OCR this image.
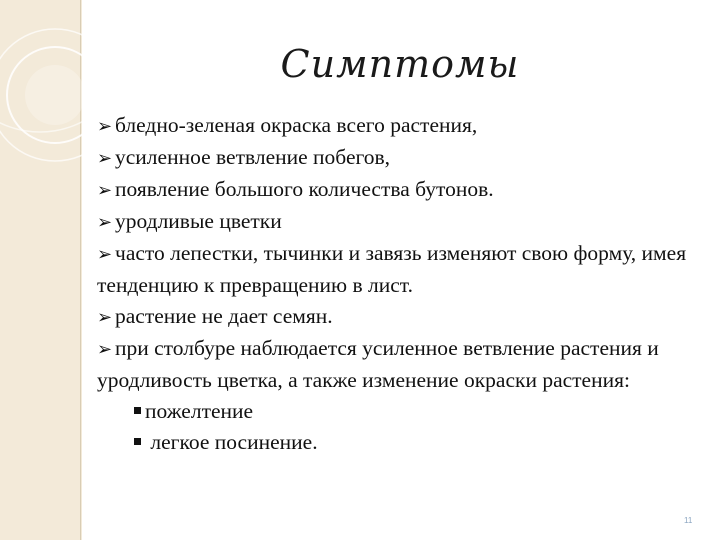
Симптомы
➢ бледно-зеленая окраска всего растения,
➢ усиленное ветвление побегов,
➢ появление большого количества бутонов.
➢ уродливые цветки
➢ часто лепестки, тычинки и завязь изменяют свою форму, имея тенденцию к превращению в лист.
➢ растение не дает семян.
➢ при столбуре наблюдается усиленное ветвление растения и уродливость цветка, а также изменение окраски растения:
пожелтение
легкое посинение.
11
